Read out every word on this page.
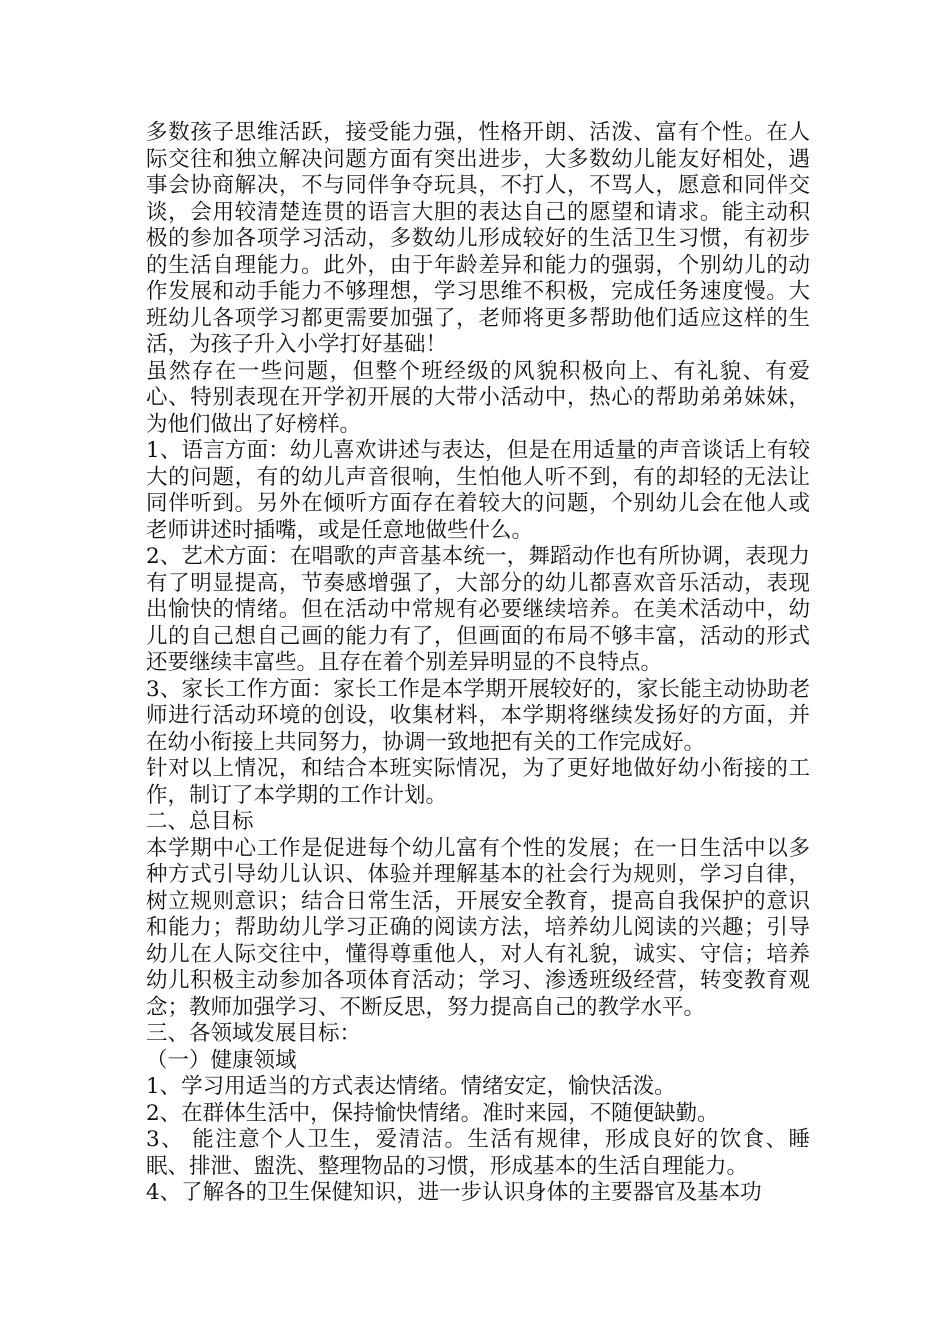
多数孩子思维活跃，接受能力强，性格开朗、活泼、富有个性。在人际交往和独立解决问题方面有突出进步，大多数幼儿能友好相处，遇事会协商解决，不与同伴争夺玩具，不打人，不骂人，愿意和同伴交谈，会用较清楚连贯的语言大胆的表达自己的愿望和请求。能主动积极的参加各项学习活动，多数幼儿形成较好的生活卫生习惯，有初步的生活自理能力。此外，由于年龄差异和能力的强弱，个别幼儿的动作发展和动手能力不够理想，学习思维不积极，完成任务速度慢。大班幼儿各项学习都更需要加强了，老师将更多帮助他们适应这样的生活，为孩子升入小学打好基础！

虽然存在一些问题，但整个班经级的风貌积极向上、有礼貌、有爱心、特别表现在开学初开展的大带小活动中，热心的帮助弟弟妹妹，为他们做出了好榜样。

1、语言方面：幼儿喜欢讲述与表达，但是在用适量的声音谈话上有较大的问题，有的幼儿声音很响，生怕他人听不到，有的却轻的无法让同伴听到。另外在倾听方面存在着较大的问题，个别幼儿会在他人或老师讲述时插嘴，或是任意地做些什么。

2、艺术方面：在唱歌的声音基本统一，舞蹈动作也有所协调，表现力有了明显提高，节奏感增强了，大部分的幼儿都喜欢音乐活动，表现出愉快的情绪。但在活动中常规有必要继续培养。在美术活动中，幼儿的自己想自己画的能力有了，但画面的布局不够丰富，活动的形式还要继续丰富些。且存在着个别差异明显的不良特点。

3、家长工作方面：家长工作是本学期开展较好的，家长能主动协助老师进行活动环境的创设，收集材料，本学期将继续发扬好的方面，并在幼小衔接上共同努力，协调一致地把有关的工作完成好。

针对以上情况，和结合本班实际情况，为了更好地做好幼小衔接的工作，制订了本学期的工作计划。

二、总目标

本学期中心工作是促进每个幼儿富有个性的发展；在一日生活中以多种方式引导幼儿认识、体验并理解基本的社会行为规则，学习自律，树立规则意识；结合日常生活，开展安全教育，提高自我保护的意识和能力；帮助幼儿学习正确的阅读方法，培养幼儿阅读的兴趣；引导幼儿在人际交往中，懂得尊重他人，对人有礼貌，诚实、守信；培养幼儿积极主动参加各项体育活动；学习、渗透班级经营，转变教育观念；教师加强学习、不断反思，努力提高自己的教学水平。

三、各领域发展目标：

（一）健康领域

1、学习用适当的方式表达情绪。情绪安定，愉快活泼。

2、在群体生活中，保持愉快情绪。准时来园，不随便缺勤。

3、 能注意个人卫生，爱清洁。生活有规律，形成良好的饮食、睡眠、排泄、盥洗、整理物品的习惯，形成基本的生活自理能力。

4、了解各的卫生保健知识，进一步认识身体的主要器官及基本功
